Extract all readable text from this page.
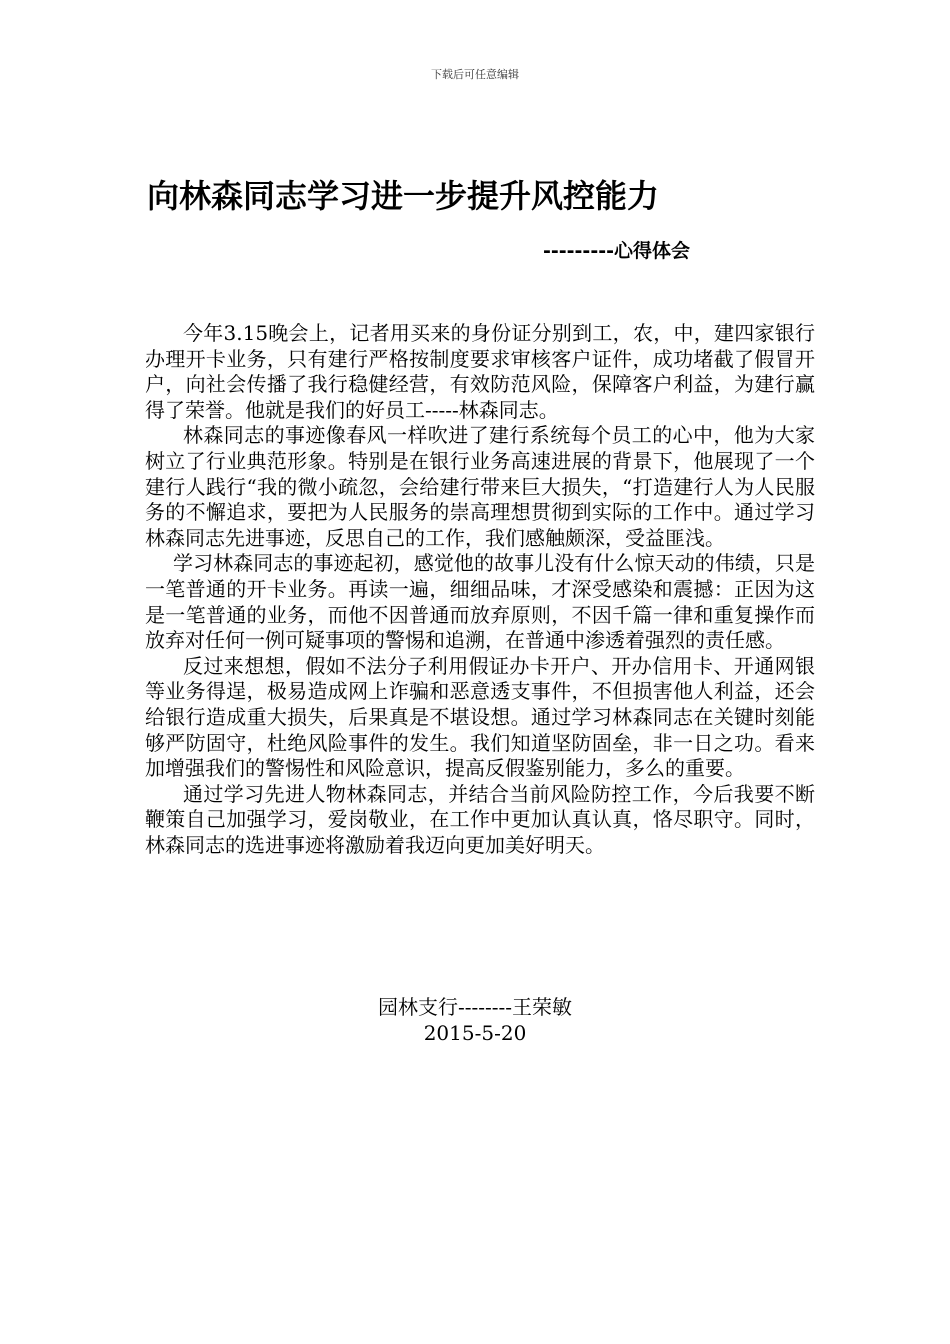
下载后可任意编辑
向林森同志学习进一步提升风控能力
---------心得体会

今年3.15晚会上，记者用买来的身份证分别到工，农，中，建四家银行办理开卡业务，只有建行严格按制度要求审核客户证件，成功堵截了假冒开户，向社会传播了我行稳健经营，有效防范风险，保障客户利益，为建行赢得了荣誉。他就是我们的好员工-----林森同志。

林森同志的事迹像春风一样吹进了建行系统每个员工的心中，他为大家树立了行业典范形象。特别是在银行业务高速进展的背景下，他展现了一个建行人践行“我的微小疏忽，会给建行带来巨大损失，“打造建行人为人民服务的不懈追求，要把为人民服务的崇高理想贯彻到实际的工作中。通过学习林森同志先进事迹，反思自己的工作，我们感触颇深，受益匪浅。

学习林森同志的事迹起初，感觉他的故事儿没有什么惊天动的伟绩，只是一笔普通的开卡业务。再读一遍，细细品味，才深受感染和震撼：正因为这是一笔普通的业务，而他不因普通而放弃原则，不因千篇一律和重复操作而放弃对任何一例可疑事项的警惕和追溯，在普通中渗透着强烈的责任感。

反过来想想，假如不法分子利用假证办卡开户、开办信用卡、开通网银等业务得逞，极易造成网上诈骗和恶意透支事件，不但损害他人利益，还会给银行造成重大损失，后果真是不堪设想。通过学习林森同志在关键时刻能够严防固守，杜绝风险事件的发生。我们知道坚防固垒，非一日之功。看来加增强我们的警惕性和风险意识，提高反假鉴别能力，多么的重要。

通过学习先进人物林森同志，并结合当前风险防控工作，今后我要不断鞭策自己加强学习，爱岗敬业，在工作中更加认真认真，恪尽职守。同时，林森同志的选进事迹将激励着我迈向更加美好明天。

园林支行--------王荣敏
2015-5-20
